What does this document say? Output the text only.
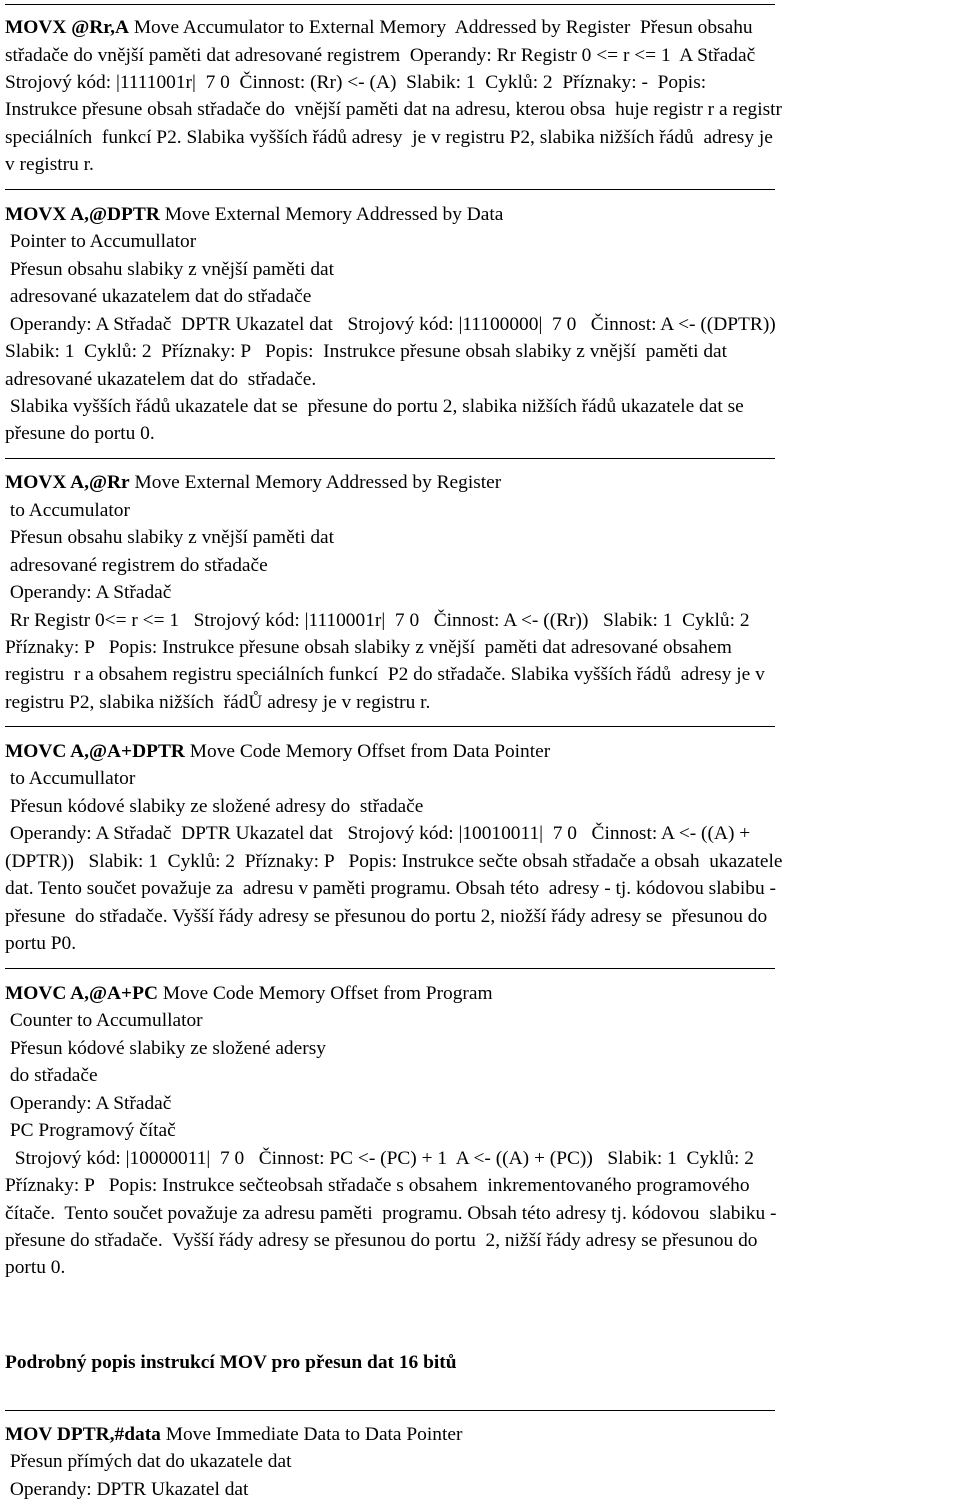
MOVX @Rr,A Move Accumulator to External Memory  Addressed by Register  Přesun obsahu
střadače do vnější paměti dat adresované registrem  Operandy: Rr Registr 0 <= r <= 1  A Střadač
Strojový kód: |1111001r|  7 0  Činnost: (Rr) <- (A)  Slabik: 1  Cyklů: 2  Příznaky: -  Popis:
Instrukce přesune obsah střadače do  vnější paměti dat na adresu, kterou obsa  huje registr r a registr
speciálních  funkcí P2. Slabika vyšších řádů adresy  je v registru P2, slabika nižších řádů  adresy je
v registru r.
MOVX A,@DPTR Move External Memory Addressed by Data
Pointer to Accumullator
Přesun obsahu slabiky z vnější paměti dat
adresované ukazatelem dat do střadače
Operandy: A Střadač  DPTR Ukazatel dat   Strojový kód: |11100000|  7 0   Činnost: A <- ((DPTR))
Slabik: 1  Cyklů: 2  Příznaky: P   Popis:  Instrukce přesune obsah slabiky z vnější  paměti dat
adresované ukazatelem dat do  střadače.
Slabika vyšších řádů ukazatele dat se  přesune do portu 2, slabika nižších řádů ukazatele dat se
přesune do portu 0.
MOVX A,@Rr Move External Memory Addressed by Register
to Accumulator
Přesun obsahu slabiky z vnější paměti dat
adresované registrem do střadače
Operandy: A Střadač
Rr Registr 0<= r <= 1   Strojový kód: |1110001r|  7 0   Činnost: A <- ((Rr))   Slabik: 1  Cyklů: 2
Příznaky: P   Popis: Instrukce přesune obsah slabiky z vnější  paměti dat adresované obsahem
registru  r a obsahem registru speciálních funkcí  P2 do střadače. Slabika vyšších řádů  adresy je v
registru P2, slabika nižších  řádŮ adresy je v registru r.
MOVC A,@A+DPTR Move Code Memory Offset from Data Pointer
to Accumullator
Přesun kódové slabiky ze složené adresy do  střadače
Operandy: A Střadač  DPTR Ukazatel dat   Strojový kód: |10010011|  7 0   Činnost: A <- ((A) +
(DPTR))   Slabik: 1  Cyklů: 2  Příznaky: P   Popis: Instrukce sečte obsah střadače a obsah  ukazatele
dat. Tento součet považuje za  adresu v paměti programu. Obsah této  adresy - tj. kódovou slabibu -
přesune  do střadače. Vyšší řády adresy se přesunou do portu 2, niožší řády adresy se  přesunou do
portu P0.
MOVC A,@A+PC Move Code Memory Offset from Program
Counter to Accumullator
Přesun kódové slabiky ze složené adersy
do střadače
Operandy: A Střadač
PC Programový čítač
Strojový kód: |10000011|  7 0   Činnost: PC <- (PC) + 1  A <- ((A) + (PC))   Slabik: 1  Cyklů: 2
Příznaky: P   Popis: Instrukce sečteobsah střadače s obsahem  inkrementovaného programového
čítače.  Tento součet považuje za adresu paměti  programu. Obsah této adresy tj. kódovou  slabiku -
přesune do střadače.  Vyšší řády adresy se přesunou do portu  2, nižší řády adresy se přesunou do
portu 0.
Podrobný popis instrukcí MOV pro přesun dat 16 bitů
MOV DPTR,#data Move Immediate Data to Data Pointer
Přesun přímých dat do ukazatele dat
Operandy: DPTR Ukazatel dat
